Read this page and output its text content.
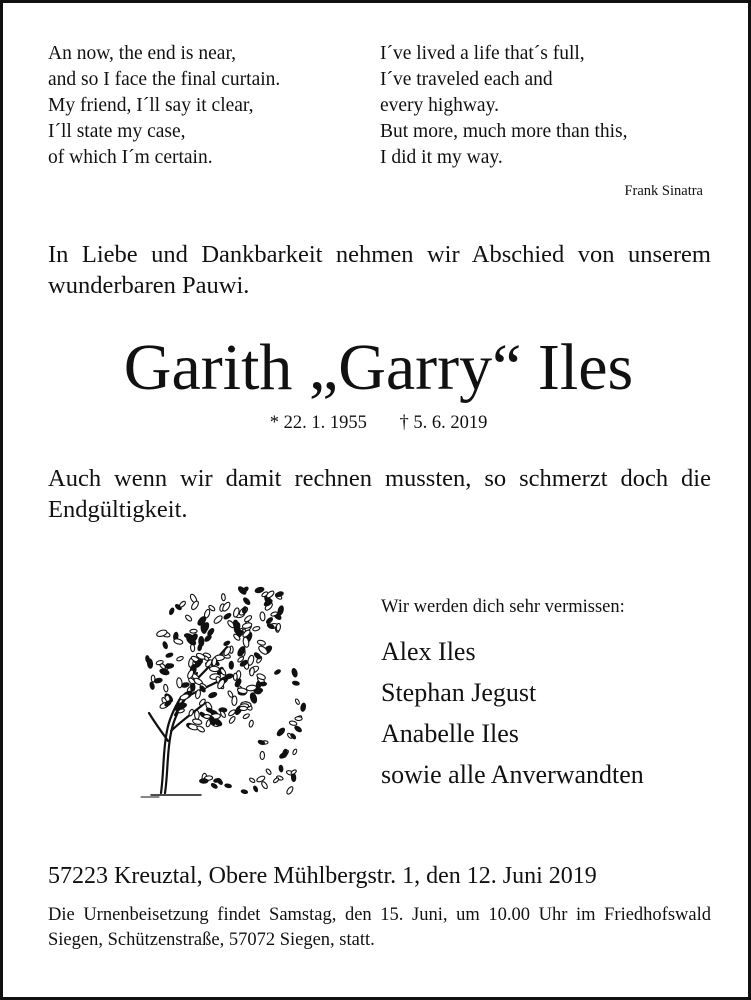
An now, the end is near,
and so I face the final curtain.
My friend, I´ll say it clear,
I´ll state my case,
of which I´m certain.
I´ve lived a life that´s full,
I´ve traveled each and
every highway.
But more, much more than this,
I did it my way.
Frank Sinatra
In Liebe und Dankbarkeit nehmen wir Abschied von unserem wunderbaren Pauwi.
Garith „Garry“ Iles
* 22. 1. 1955 † 5. 6. 2019
Auch wenn wir damit rechnen mussten, so schmerzt doch die Endgültigkeit.
Wir werden dich sehr vermissen:
Alex Iles
Stephan Jegust
Anabelle Iles
sowie alle Anverwandten
57223 Kreuztal, Obere Mühlbergstr. 1, den 12. Juni 2019
Die Urnenbeisetzung findet Samstag, den 15. Juni, um 10.00 Uhr im Friedhofswald Siegen, Schützenstraße, 57072 Siegen, statt.
